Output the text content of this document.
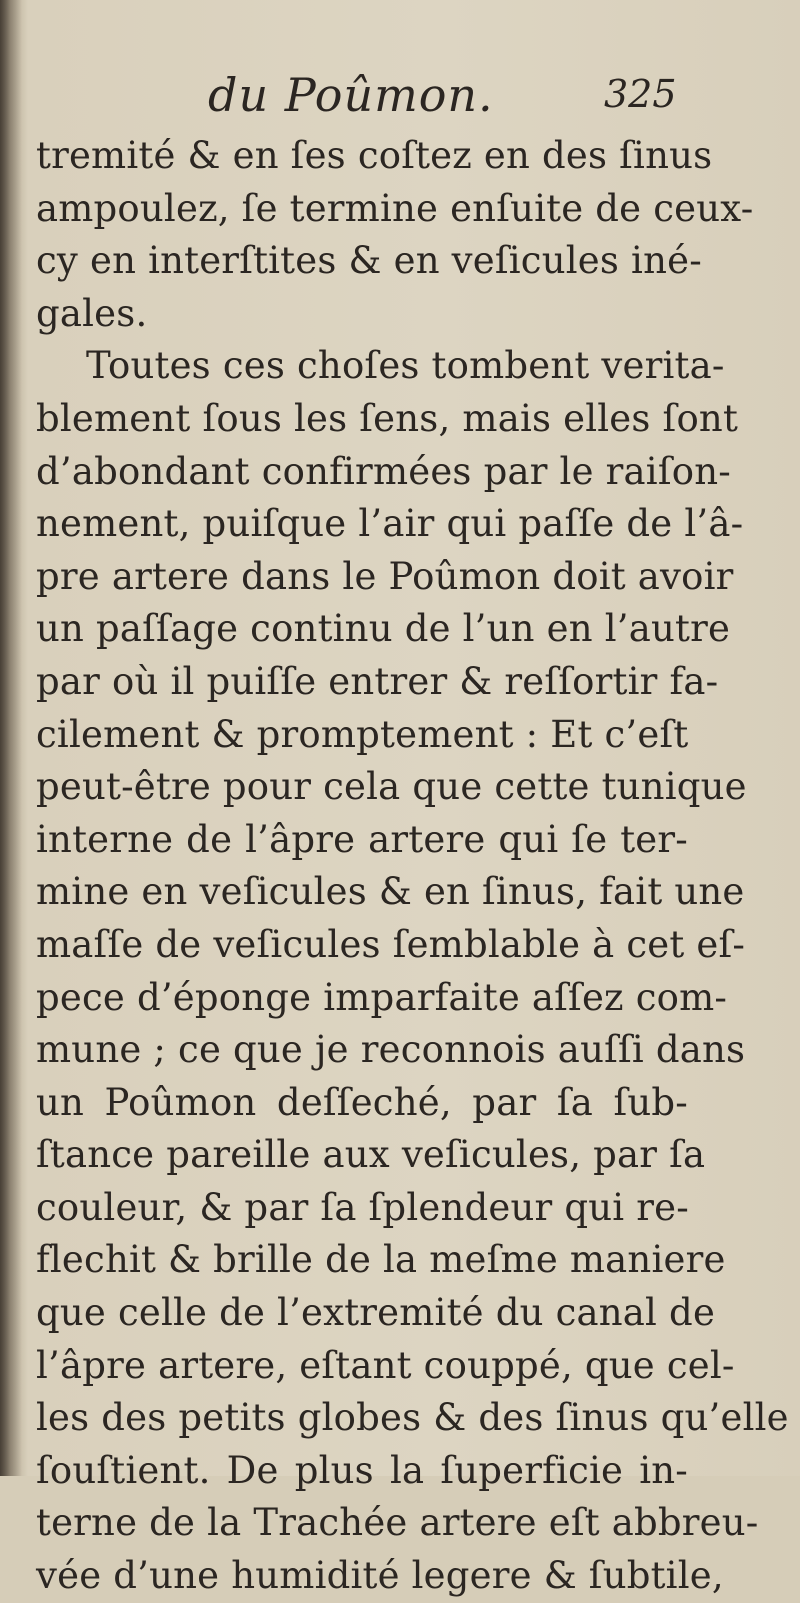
du Poûmon.	325
tremité & en ſes coſtez en des ſinus
ampoulez, ſe termine enſuite de ceux-
cy en interſtites & en veſicules iné-
gales.
Toutes ces choſes tombent verita-
blement ſous les ſens, mais elles ſont
d’abondant confirmées par le raiſon-
nement, puiſque l’air qui paſſe de l’â-
pre artere dans le Poûmon doit avoir
un paſſage continu de l’un en l’autre
par où il puiſſe entrer & reſſortir fa-
cilement & promptement : Et c’eſt
peut-être pour cela que cette tunique
interne de l’âpre artere qui ſe ter-
mine en veſicules & en ſinus, fait une
maſſe de veſicules ſemblable à cet eſ-
pece d’éponge imparfaite aſſez com-
mune ; ce que je reconnois auſſi dans
un Poûmon deſſeché, par ſa ſub-
ſtance pareille aux veſicules, par ſa
couleur, & par ſa ſplendeur qui re-
flechit & brille de la meſme maniere
que celle de l’extremité du canal de
l’âpre artere, eſtant couppé, que cel-
les des petits globes & des ſinus qu’elle
ſouſtient. De plus la ſuperficie in-
terne de la Trachée artere eſt abbreu-
vée d’une humidité legere & ſubtile,
